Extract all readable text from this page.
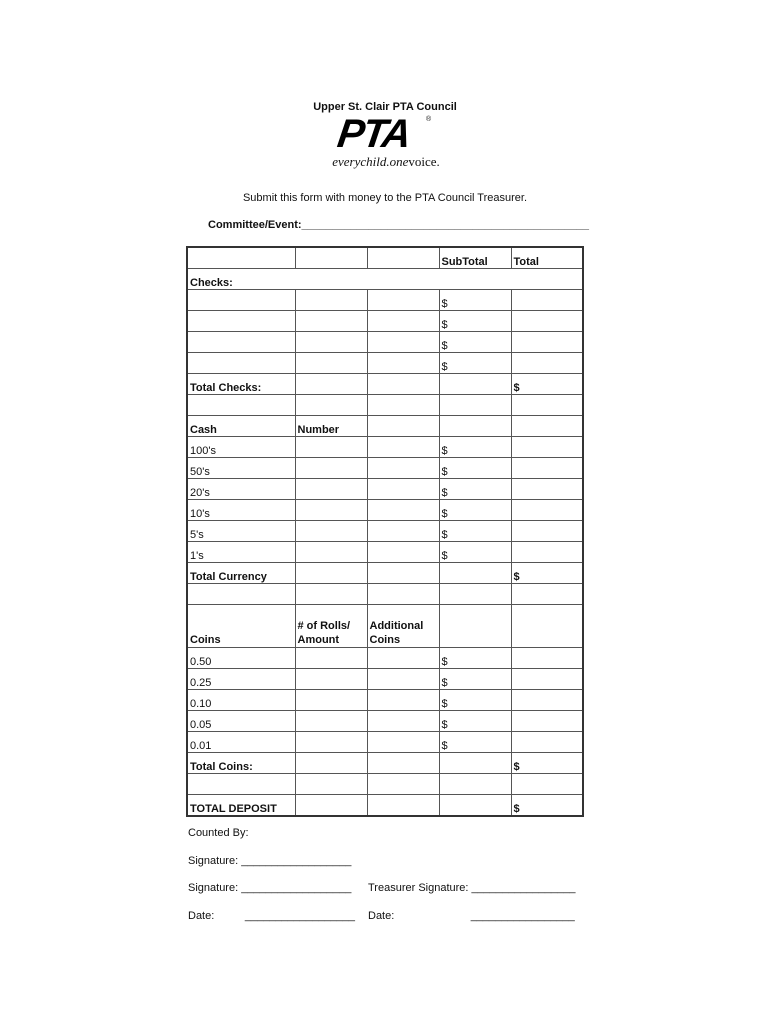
Upper St. Clair PTA Council
PTA ®
everychild.onevoice.
Submit this form with money to the PTA Council Treasurer.
Committee/Event:_______________________________________________
			SubTotal	Total
Checks:				
			$	
			$	
			$	
			$	
Total Checks:				$

Cash	Number			
100's			$	
50's			$	
20's			$	
10's			$	
5's			$	
1's			$	
Total Currency				$

Coins	# of Rolls/ Amount	Additional Coins		
0.50			$	
0.25			$	
0.10			$	
0.05			$	
0.01			$	
Total Coins:				$

TOTAL DEPOSIT				$
Counted By:
Signature: __________________
Signature: __________________ Treasurer Signature: _________________
Date:          __________________ Date:                         _________________
